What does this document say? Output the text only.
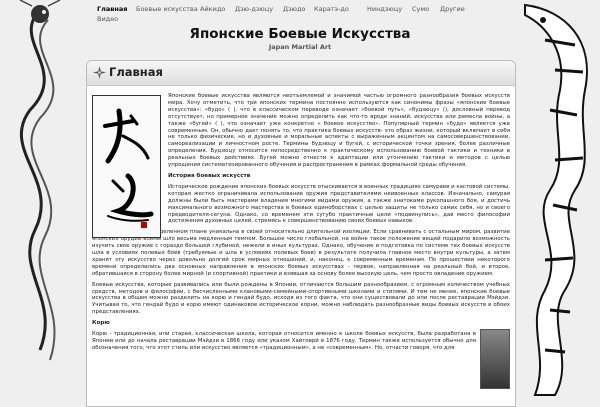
Главная Боевые искусства Айкидо Дзю-дзюцу Дзюдо Каратэ-до	Ниндзюцу Сумо Другие
Видео
Японские Боевые Искусства
Japan Martial Art
Главная

Японские боевые искусства являются неотъемлемой и значимой частью огромного разнообразия боевых искусств мира. Хочу отметить, что три японских термина постоянно используются как синонимы фразы «японские боевые искусства»: «будо» ( ), что в классическом переводе означает «боевой путь», «будзюцу» (), дословный перевод отсутствует, но примерное значение можно определить как что-то вроде знаний, искусства или ремесла войны, а также «бугей» ( ), что означает уже конкретно « боевое искусство». Популярный термин «будо» является уже современным. Он, обычно дает понять то, что практика боевых искусств- это образ жизни, который включает в себя не только физические, но и духовные и моральные аспекты с выраженным акцентом на самосовершенствовании, самореализации и личностном росте. Термины будзюцу и бугей, с исторической точки зрения, более различные определения. Будзюцу относится непосредственно к практическому использованию боевой тактики и техники в реальных боевых действиях. Бугей можно отнести к адаптации или утончению тактики и методов с целью упрощения систематизированного обучения и распространения в рамках формальной среды обучения.

История боевых искусств

Историческое рождение японских боевых искусств отыскивается в военных традициях самураев и кастовой системы, которая жестко ограничивала использование оружия представителями неивоенных классов. Изначально, самурая должны были быть мастерами владения многими видами оружия, а также знатоками рукопашного боя, и достичь максимального возможного мастерства в боевых единоборствах с целью защиты не только самих себя, но и своего предводителя-сегуна. Однако, со временем эти сугубо практичные цели «подвинулись», дав место философии достижения духовных целей, стремясь к совершенствованию своих боевых навыков.

История Японии в определенном плане уникальна в своей относительно длительной изоляции. Если сравнивать с остальным миром, развитие японских орудий войны шло весьма медленным темпом. Большое число глобальной, на войне такое положение вещей подарило возможность изучить свое оружие с гораздо большей глубиной, нежели в иных культурах. Однако, обучение и подготовка по системе тех боевых искусств шла в условиях полевых боев (требуемые и шла в условиях полевых боев) в результате получила главное место внутри культуры, а затем хранят эту искусство через довольно долгий срок мирных отношений, и, наконец, к современным временам. По прошествии некоторого времени определились два основных направления в японских боевых искусствах - первое, направленная на реальный бой, и второе, обратившаяся в сторону более мирной (и спортивной) практики и взявшая за основу более высокую цель, чем просто овладение оружием.

Боевые искусства, которые развивались или были рождены в Японии, отличаются большим разнообразием, с огромным количеством учебных средств, методов и философии, с бесчисленными клановыми-семейными-спортивными школами и стилями. И тем не менее, японские боевые искусства в общем можно разделить на корю и гендай будо, исходя из того факта, что они существовали до или после реставрации Мэйдзи. Учитывая то, что гендай будо и корю имеют одинаковое историческое корни, можно наблюдать разнообразные виды боевых искусств в обоих представлениях.

Корю

Корю - традиционная, или старая, классическая школа, которая относится именно к школе боевых искусств, была разработана в Японии или до начала реставрации Мэйдзи в 1866 году или указом Хайтоврй в 1876 году. Термин также используется обычно для обозначения того, что этот стиль или искусство является «традиционным», а не «современным». Но, отчасти говоря, что для
